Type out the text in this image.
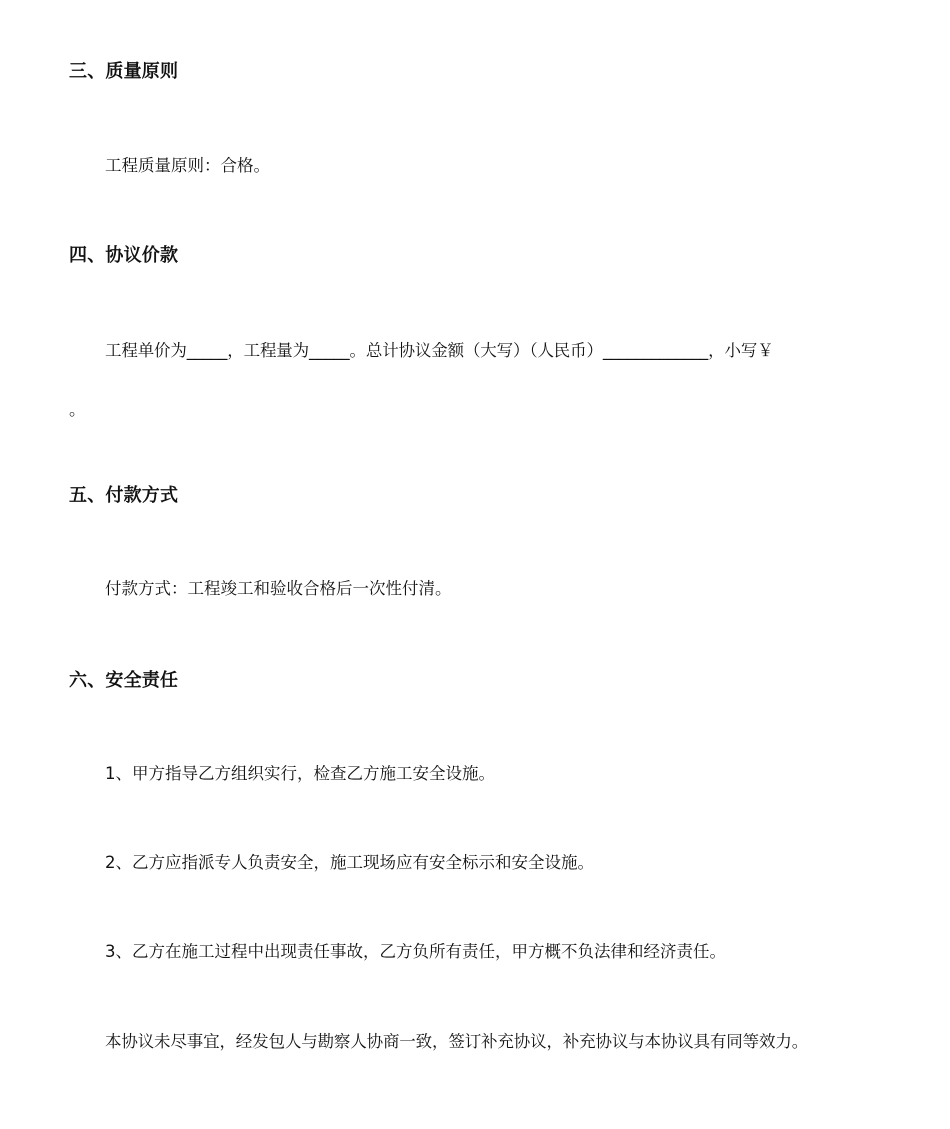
三、质量原则
工程质量原则：合格。
四、协议价款
工程单价为_____，工程量为_____。总计协议金额（大写）（人民币）_____________，小写￥
。
五、付款方式
付款方式：工程竣工和验收合格后一次性付清。
六、安全责任
1、甲方指导乙方组织实行，检查乙方施工安全设施。
2、乙方应指派专人负责安全，施工现场应有安全标示和安全设施。
3、乙方在施工过程中出现责任事故，乙方负所有责任，甲方概不负法律和经济责任。
本协议未尽事宜，经发包人与勘察人协商一致，签订补充协议，补充协议与本协议具有同等效力。
